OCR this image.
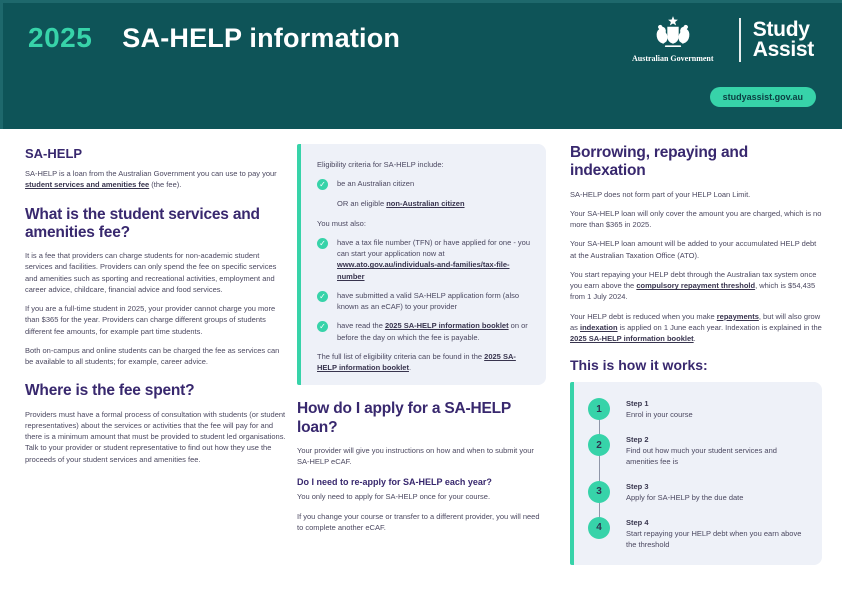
2025 SA-HELP information
Australian Government
Study
Assist
studyassist.gov.au
SA-HELP

SA-HELP is a loan from the Australian Government you can use to pay your student services and amenities fee (the fee).

What is the student services and amenities fee?

It is a fee that providers can charge students for non-academic student services and facilities. Providers can only spend the fee on specific services and amenities such as sporting and recreational activities, employment and career advice, childcare, financial advice and food services.

If you are a full-time student in 2025, your provider cannot charge you more than $365 for the year. Providers can charge different groups of students different fee amounts, for example part time students.

Both on-campus and online students can be charged the fee as services can be available to all students; for example, career advice.

Where is the fee spent?

Providers must have a formal process of consultation with students (or student representatives) about the services or activities that the fee will pay for and there is a minimum amount that must be provided to student led organisations. Talk to your provider or student representative to find out how they use the proceeds of your student services and amenities fee.

Eligibility criteria for SA-HELP include:

✓ be an Australian citizen

OR an eligible non-Australian citizen

You must also:

✓ have a tax file number (TFN) or have applied for one - you can start your application now at www.ato.gov.au/individuals-and-families/tax-file-number
✓ have submitted a valid SA-HELP application form (also known as an eCAF) to your provider
✓ have read the 2025 SA-HELP information booklet on or before the day on which the fee is payable.

The full list of eligibility criteria can be found in the 2025 SA-HELP information booklet.

How do I apply for a SA-HELP loan?

Your provider will give you instructions on how and when to submit your SA-HELP eCAF.

Do I need to re-apply for SA-HELP each year?

You only need to apply for SA-HELP once for your course.

If you change your course or transfer to a different provider, you will need to complete another eCAF.

Borrowing, repaying and indexation

SA-HELP does not form part of your HELP Loan Limit.

Your SA-HELP loan will only cover the amount you are charged, which is no more than $365 in 2025.

Your SA-HELP loan amount will be added to your accumulated HELP debt at the Australian Taxation Office (ATO).

You start repaying your HELP debt through the Australian tax system once you earn above the compulsory repayment threshold, which is $54,435 from 1 July 2024.

Your HELP debt is reduced when you make repayments, but will also grow as indexation is applied on 1 June each year. Indexation is explained in the 2025 SA-HELP information booklet.

This is how it works:
1	Step 1
Enrol in your course
2	Step 2
Find out how much your student services and amenities fee is
3	Step 3
Apply for SA-HELP by the due date
4	Step 4
Start repaying your HELP debt when you earn above the threshold
